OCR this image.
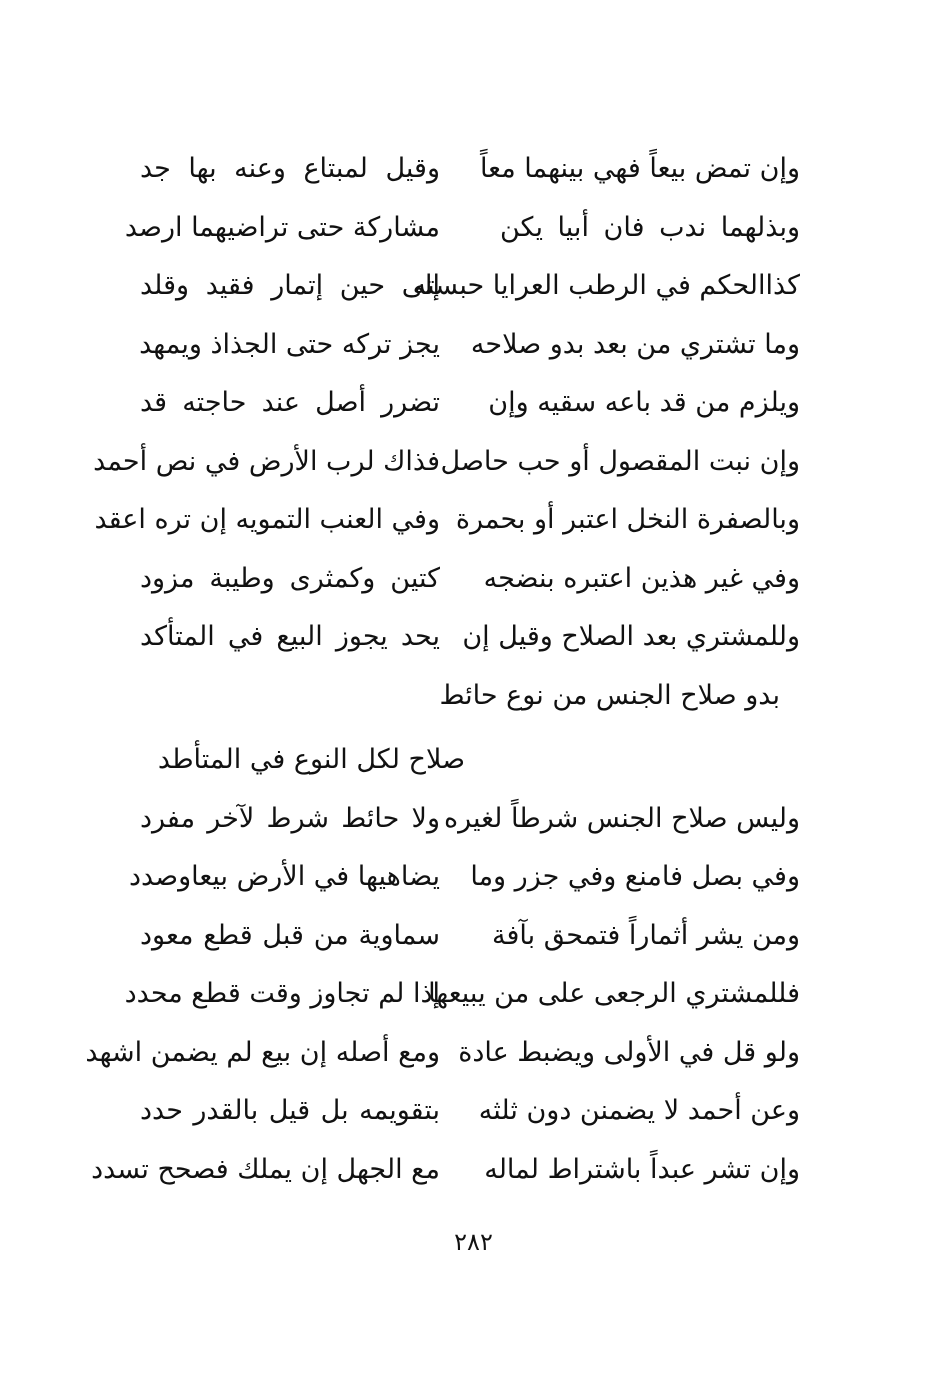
وإن تمض بيعاً فهي بينهما معاً
وقيل لمبتاع وعنه بها جد
وبذلهما ندب فان أبيا يكن
مشاركة حتى تراضيهما ارصد
كذاالحكم في الرطب العرايا حبسته
إلى حين إتمار فقيد وقلد
وما تشتري من بعد بدو صلاحه
يجز تركه حتى الجذاذ ويمهد
ويلزم من قد باعه سقيه وإن
تضرر أصل عند حاجته قد
وإن نبت المقصول أو حب حاصل
فذاك لرب الأرض في نص أحمد
وبالصفرة النخل اعتبر أو بحمرة
وفي العنب التمويه إن تره اعقد
وفي غير هذين اعتبره بنضجه
كتين وكمثرى وطيبة مزود
وللمشتري بعد الصلاح وقيل إن
يحد يجوز البيع في المتأكد
بدو صلاح الجنس من نوع حائط
صلاح لكل النوع في المتأطد
وليس صلاح الجنس شرطاً لغيره
ولا حائط شرط لآخر مفرد
وفي بصل فامنع وفي جزر وما
يضاهيها في الأرض بيعاوصدد
ومن يشر أثماراً فتمحق بآفة
سماوية من قبل قطع معود
فللمشتري الرجعى على من يبيعها
إذا لم تجاوز وقت قطع محدد
ولو قل في الأولى ويضبط عادة
ومع أصله إن بيع لم يضمن اشهد
وعن أحمد لا يضمنن دون ثلثه
بتقويمه بل قيل بالقدر حدد
وإن تشر عبداً باشتراط لماله
مع الجهل إن يملك فصحح تسدد
٢٨٢
